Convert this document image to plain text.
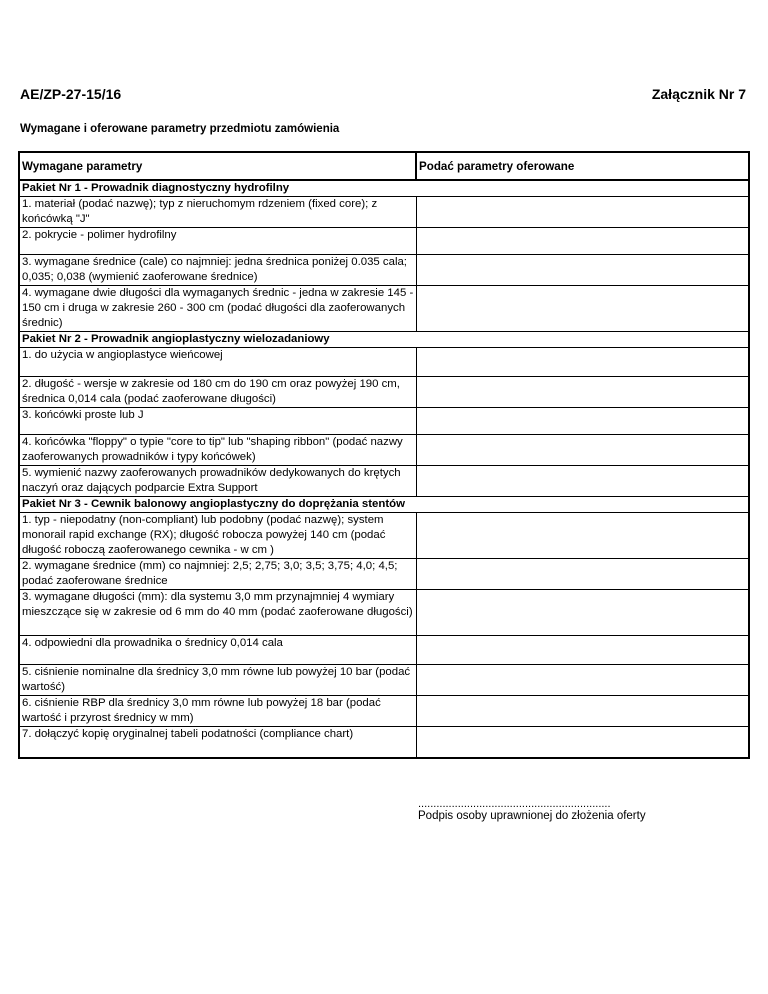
AE/ZP-27-15/16	Załącznik Nr 7
Wymagane i oferowane parametry przedmiotu zamówienia
Wymagane parametry	Podać parametry oferowane
Pakiet Nr 1 - Prowadnik diagnostyczny hydrofilny	
1. materiał (podać nazwę); typ z nieruchomym rdzeniem (fixed core); z końcówką "J"	
2. pokrycie - polimer hydrofilny	
3. wymagane średnice (cale) co najmniej: jedna średnica poniżej 0.035 cala; 0,035; 0,038 (wymienić zaoferowane średnice)	
4. wymagane dwie długości dla wymaganych średnic - jedna w zakresie 145 - 150 cm i druga w zakresie 260 - 300 cm (podać długości dla zaoferowanych średnic)	
Pakiet Nr 2 - Prowadnik angioplastyczny wielozadaniowy	
1. do użycia w angioplastyce wieńcowej	
2. długość - wersje w zakresie od 180 cm do 190 cm oraz powyżej 190 cm, średnica 0,014 cala (podać zaoferowane długości)	
3. końcówki proste lub J	
4. końcówka "floppy" o typie "core to tip" lub "shaping ribbon" (podać nazwy zaoferowanych prowadników i typy końcówek)	
5. wymienić nazwy zaoferowanych prowadników dedykowanych do krętych naczyń oraz dających podparcie Extra Support	
Pakiet Nr 3 - Cewnik balonowy angioplastyczny do doprężania stentów	
1. typ - niepodatny (non-compliant) lub podobny (podać nazwę); system monorail rapid exchange (RX); długość robocza powyżej 140 cm (podać długość roboczą zaoferowanego cewnika - w cm )	
2. wymagane średnice (mm) co najmniej: 2,5; 2,75; 3,0; 3,5; 3,75; 4,0; 4,5; podać zaoferowane średnice	
3. wymagane długości (mm): dla systemu 3,0 mm przynajmniej 4 wymiary mieszczące się w zakresie od 6 mm do 40 mm (podać zaoferowane długości)	
4. odpowiedni dla prowadnika o średnicy 0,014 cala	
5. ciśnienie nominalne dla średnicy 3,0 mm równe lub powyżej 10 bar (podać wartość)	
6. ciśnienie RBP dla średnicy 3,0 mm równe lub powyżej 18 bar (podać wartość i przyrost średnicy w mm)	
7. dołączyć kopię oryginalnej tabeli podatności (compliance chart)	
...............................................................
Podpis osoby uprawnionej do złożenia oferty
